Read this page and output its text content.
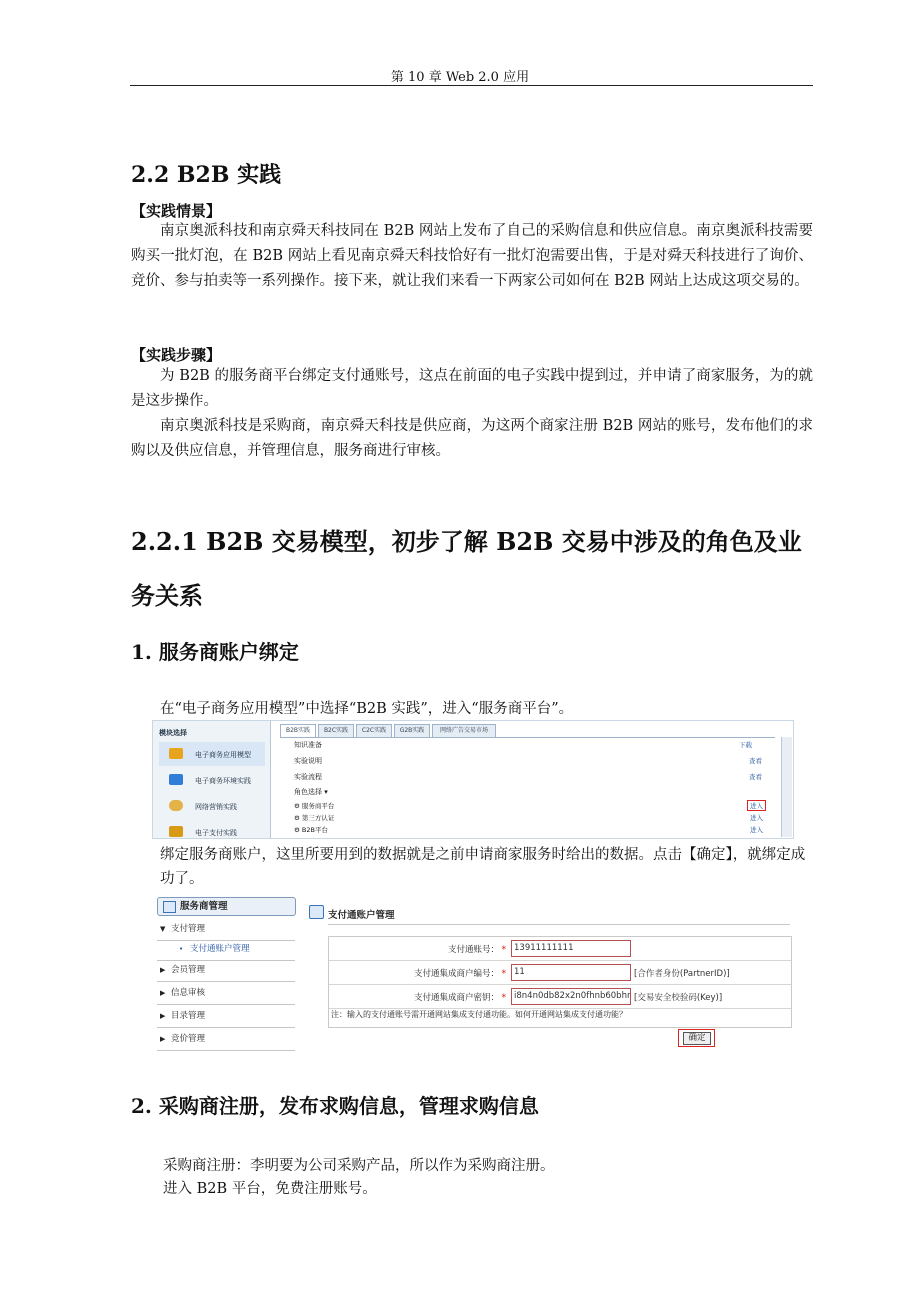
第 10 章 Web 2.0 应用
2.2 B2B 实践
【实践情景】
南京奥派科技和南京舜天科技同在 B2B 网站上发布了自己的采购信息和供应信息。南京奥派科技需要购买一批灯泡，在 B2B 网站上看见南京舜天科技恰好有一批灯泡需要出售，于是对舜天科技进行了询价、竞价、参与拍卖等一系列操作。接下来，就让我们来看一下两家公司如何在 B2B 网站上达成这项交易的。
【实践步骤】
为 B2B 的服务商平台绑定支付通账号，这点在前面的电子实践中提到过，并申请了商家服务，为的就是这步操作。
南京奥派科技是采购商，南京舜天科技是供应商，为这两个商家注册 B2B 网站的账号，发布他们的求购以及供应信息，并管理信息，服务商进行审核。
2.2.1 B2B 交易模型，初步了解 B2B 交易中涉及的角色及业务关系
1. 服务商账户绑定
在“电子商务应用模型”中选择“B2B 实践”，进入“服务商平台”。
模块选择
电子商务应用模型
电子商务环境实践
网络营销实践
电子支付实践
B2B实践	B2C实践	C2C实践	G2B实践	网络广告交易市场
知识准备	下载
实验说明	查看
实验流程	查看
角色选择 ▾
⚙ 服务商平台	进入
⚙ 第三方认证	进入
⚙ B2B平台	进入
绑定服务商账户，这里所要用到的数据就是之前申请商家服务时给出的数据。点击【确定】，就绑定成功了。
服务商管理
▼ 支付管理
• 支付通账户管理
▶ 会员管理
▶ 信息审核
▶ 目录管理
▶ 竞价管理
支付通账户管理
支付通账号： * 13911111111
支付通集成商户编号： * 11	[合作者身份(PartnerID)]
支付通集成商户密钥： * i8n4n0db82x2n0fhnb60bhr [交易安全校验码(Key)]
注：输入的支付通账号需开通网站集成支付通功能。如何开通网站集成支付通功能？
确定
2. 采购商注册，发布求购信息，管理求购信息
采购商注册：李明要为公司采购产品，所以作为采购商注册。
进入 B2B 平台，免费注册账号。
